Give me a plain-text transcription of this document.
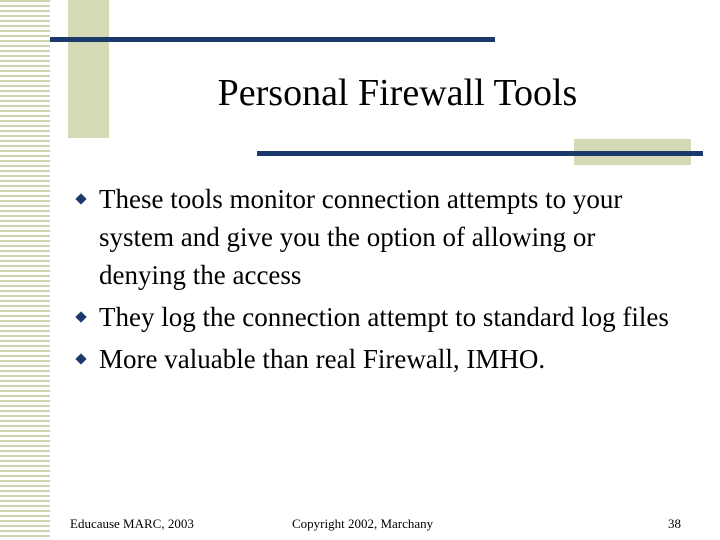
Personal Firewall Tools
These tools monitor connection attempts to your system and give you the option of allowing or denying the access
They log the connection attempt to standard log files
More valuable than real Firewall, IMHO.
Educause MARC, 2003	Copyright 2002, Marchany	38
